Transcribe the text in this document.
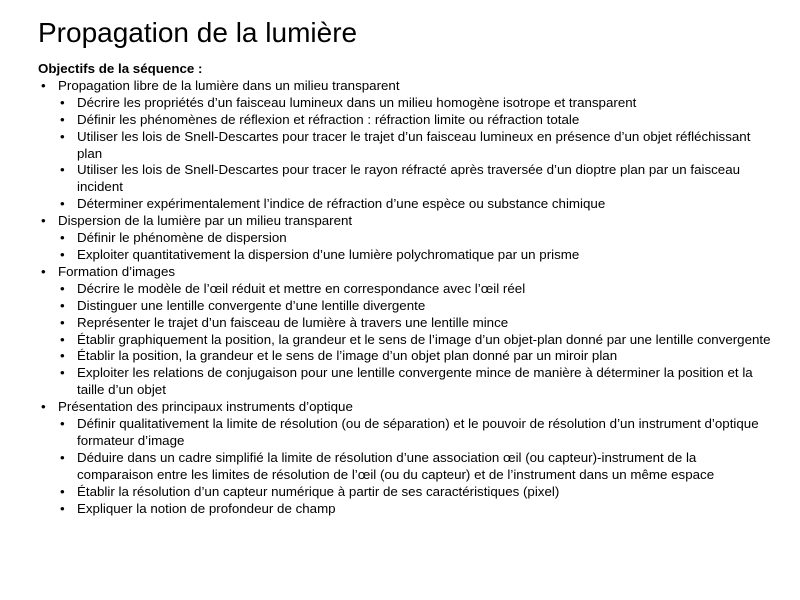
Propagation de la lumière

Objectifs de la séquence :

• Propagation libre de la lumière dans un milieu transparent
• Décrire les propriétés d’un faisceau lumineux dans un milieu homogène isotrope et transparent
• Définir les phénomènes de réflexion et réfraction : réfraction limite ou réfraction totale
• Utiliser les lois de Snell-Descartes pour tracer le trajet d’un faisceau lumineux en présence d’un objet réfléchissant plan
• Utiliser les lois de Snell-Descartes pour tracer le rayon réfracté après traversée d’un dioptre plan par un faisceau incident
• Déterminer expérimentalement l’indice de réfraction d’une espèce ou substance chimique
• Dispersion de la lumière par un milieu transparent
• Définir le phénomène de dispersion
• Exploiter quantitativement la dispersion d’une lumière polychromatique par un prisme
• Formation d’images
• Décrire le modèle de l’œil réduit et mettre en correspondance avec l’œil réel
• Distinguer une lentille convergente d’une lentille divergente
• Représenter le trajet d’un faisceau de lumière à travers une lentille mince
• Établir graphiquement la position, la grandeur et le sens de l’image d’un objet-plan donné par une lentille convergente
• Établir la position, la grandeur et le sens de l’image d’un objet plan donné par un miroir plan
• Exploiter les relations de conjugaison pour une lentille convergente mince de manière à déterminer la position et la taille d’un objet
• Présentation des principaux instruments d’optique
• Définir qualitativement la limite de résolution (ou de séparation) et le pouvoir de résolution d’un instrument d’optique formateur d’image
• Déduire dans un cadre simplifié la limite de résolution d’une association œil (ou capteur)-instrument de la comparaison entre les limites de résolution de l’œil (ou du capteur) et de l’instrument dans un même espace
• Établir la résolution d’un capteur numérique à partir de ses caractéristiques (pixel)
• Expliquer la notion de profondeur de champ
